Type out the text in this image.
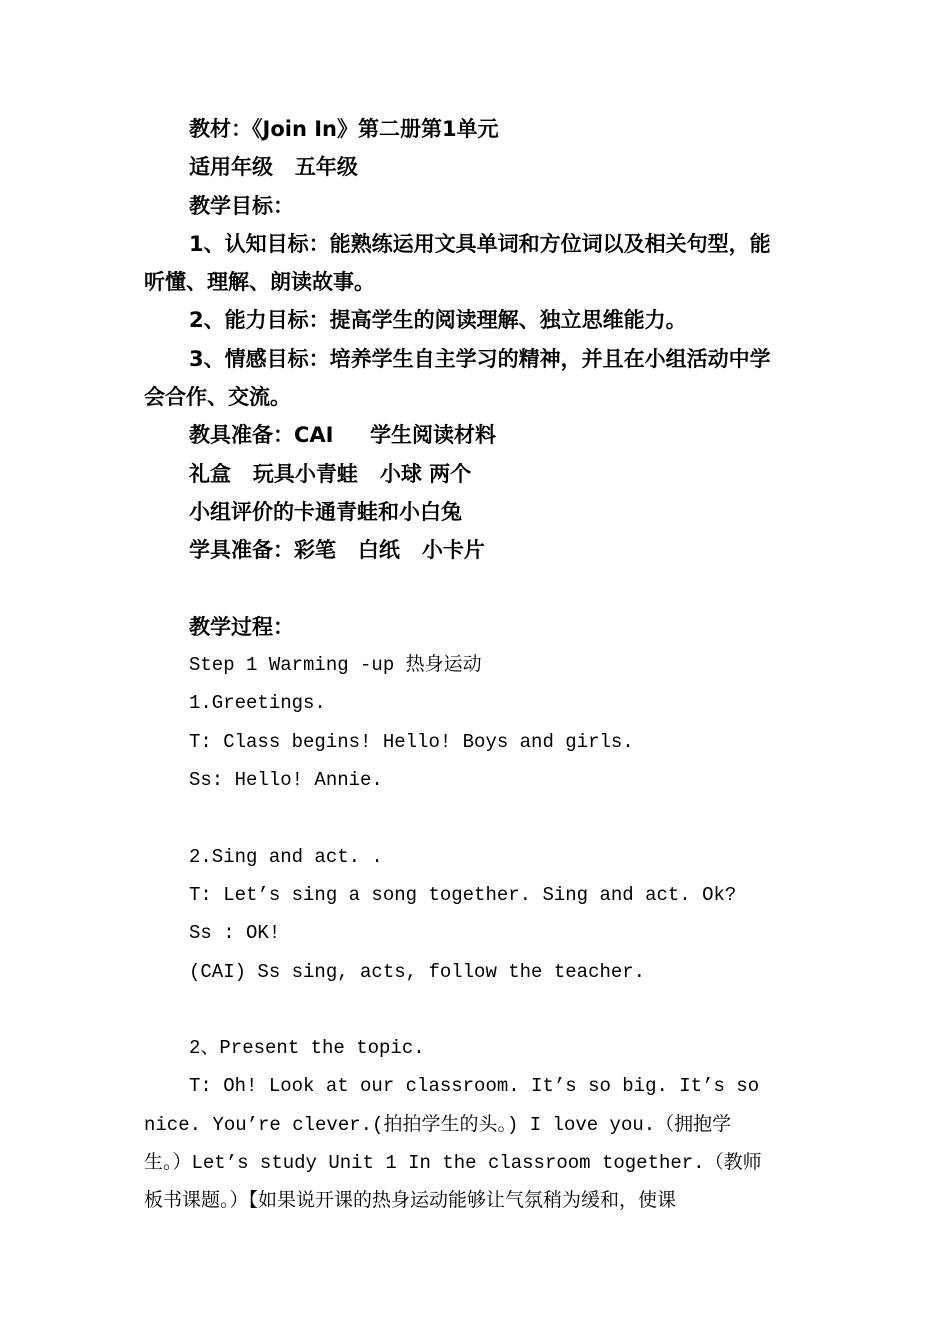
教材：《Join In》第二册第1单元
适用年级   五年级
教学目标：
1、认知目标：能熟练运用文具单词和方位词以及相关句型，能
听懂、理解、朗读故事。
2、能力目标：提高学生的阅读理解、独立思维能力。
3、情感目标：培养学生自主学习的精神，并且在小组活动中学
会合作、交流。
教具准备：CAI     学生阅读材料
礼盒   玩具小青蛙   小球 两个
小组评价的卡通青蛙和小白兔
学具准备：彩笔   白纸   小卡片
教学过程：
Step 1 Warming -up 热身运动
1.Greetings.
T: Class begins! Hello! Boys and girls.
Ss: Hello! Annie.
2.Sing and act. .
T: Let’s sing a song together. Sing and act. Ok?
Ss : OK!
(CAI) Ss sing, acts, follow the teacher.
2、Present the topic.
T: Oh! Look at our classroom. It’s so big. It’s so
nice. You’re clever.(拍拍学生的头。) I love you.（拥抱学
生。）Let’s study Unit 1 In the classroom together.（教师
板书课题。）【如果说开课的热身运动能够让气氛稍为缓和，使课
